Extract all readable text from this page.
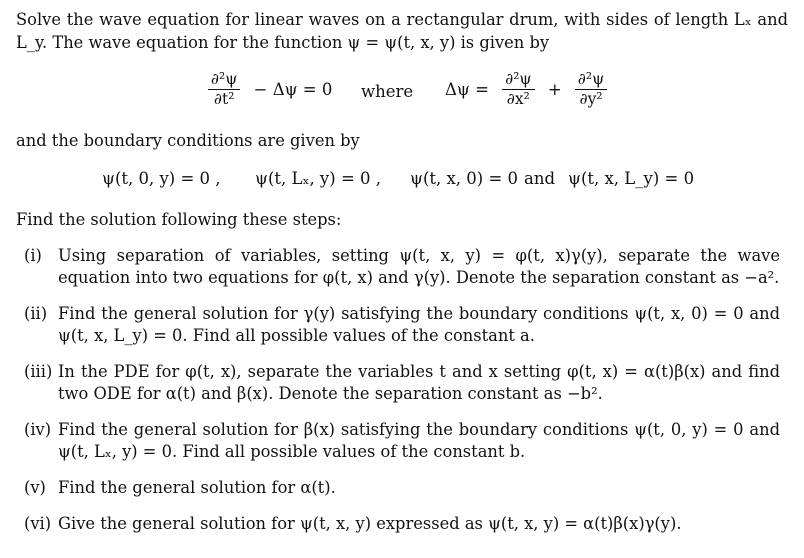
Solve the wave equation for linear waves on a rectangular drum, with sides of length Lₓ and L_y. The wave equation for the function ψ = ψ(t, x, y) is given by
$\frac{\text{∂²ψ}}{\text{∂t²}} - \Delta\psi = 0$	where	$\Delta\psi = \frac{\text{∂²ψ}}{\text{∂x²}} + \frac{\text{∂²ψ}}{\text{∂y²}}$
and the boundary conditions are given by
ψ(t, 0, y) = 0 , ψ(t, Lₓ, y) = 0 , ψ(t, x, 0) = 0 and ψ(t, x, L_y) = 0
Find the solution following these steps:
(i) Using separation of variables, setting ψ(t, x, y) = φ(t, x)γ(y), separate the wave equation into two equations for φ(t, x) and γ(y). Denote the separation constant as −a².
(ii) Find the general solution for γ(y) satisfying the boundary conditions ψ(t, x, 0) = 0 and ψ(t, x, L_y) = 0. Find all possible values of the constant a.
(iii) In the PDE for φ(t, x), separate the variables t and x setting φ(t, x) = α(t)β(x) and find two ODE for α(t) and β(x). Denote the separation constant as −b².
(iv) Find the general solution for β(x) satisfying the boundary conditions ψ(t, 0, y) = 0 and ψ(t, Lₓ, y) = 0. Find all possible values of the constant b.
(v) Find the general solution for α(t).
(vi) Give the general solution for ψ(t, x, y) expressed as ψ(t, x, y) = α(t)β(x)γ(y).
